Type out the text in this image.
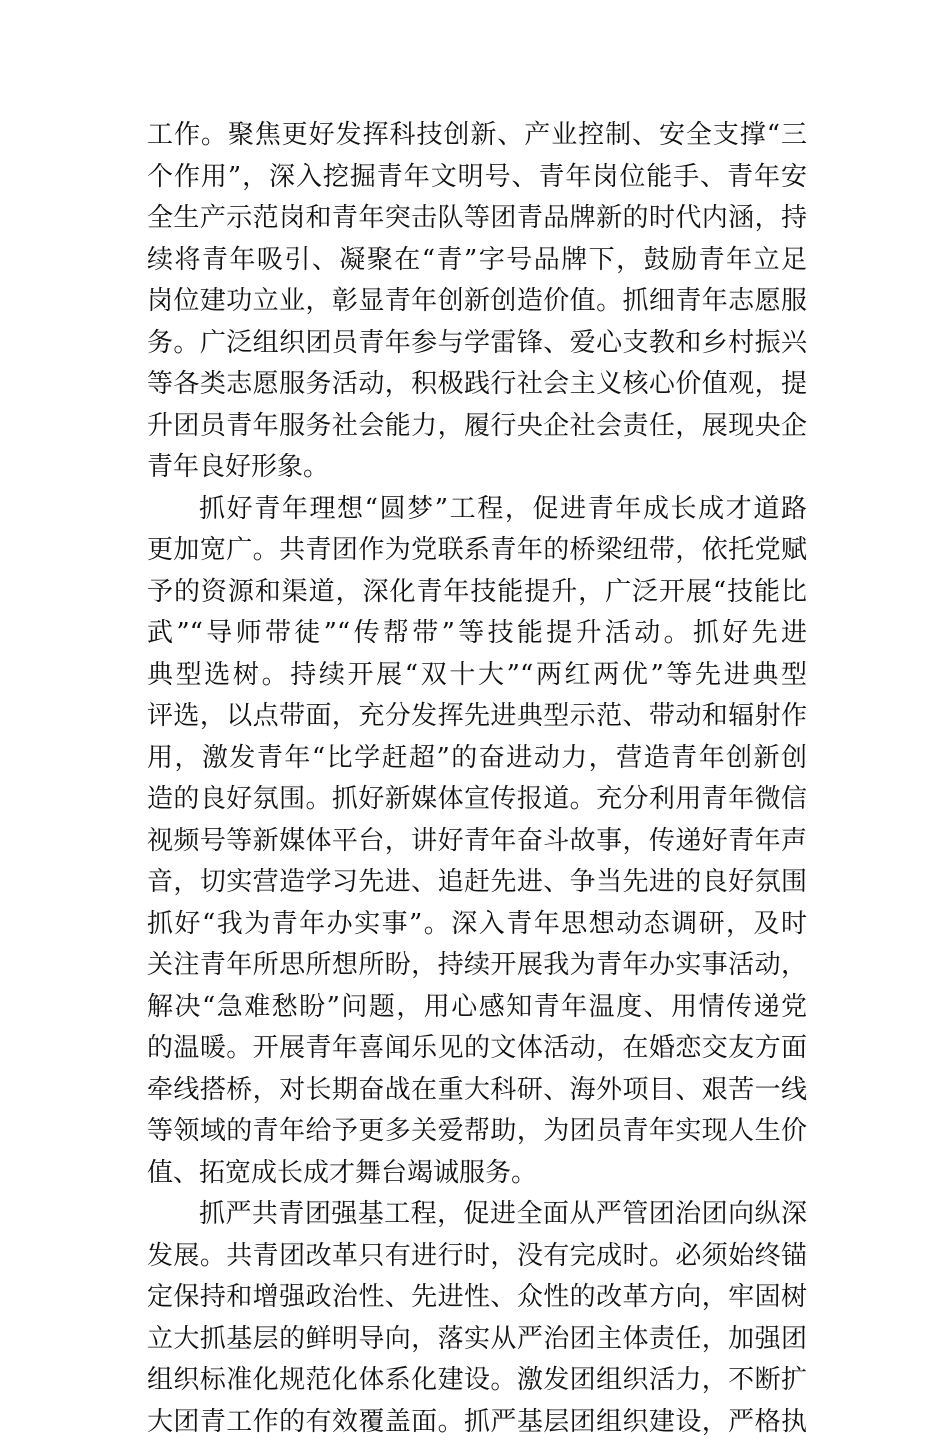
工作。聚焦更好发挥科技创新、产业控制、安全支撑“三
个作用”，深入挖掘青年文明号、青年岗位能手、青年安
全生产示范岗和青年突击队等团青品牌新的时代内涵，持
续将青年吸引、凝聚在“青”字号品牌下，鼓励青年立足
岗位建功立业，彰显青年创新创造价值。抓细青年志愿服
务。广泛组织团员青年参与学雷锋、爱心支教和乡村振兴
等各类志愿服务活动，积极践行社会主义核心价值观，提
升团员青年服务社会能力，履行央企社会责任，展现央企
青年良好形象。
抓好青年理想“圆梦”工程，促进青年成长成才道路
更加宽广。共青团作为党联系青年的桥梁纽带，依托党赋
予的资源和渠道，深化青年技能提升，广泛开展“技能比
武”“导师带徒”“传帮带”等技能提升活动。抓好先进
典型选树。持续开展“双十大”“两红两优”等先进典型
评选，以点带面，充分发挥先进典型示范、带动和辐射作
用，激发青年“比学赶超”的奋进动力，营造青年创新创
造的良好氛围。抓好新媒体宣传报道。充分利用青年微信
视频号等新媒体平台，讲好青年奋斗故事，传递好青年声
音，切实营造学习先进、追赶先进、争当先进的良好氛围
抓好“我为青年办实事”。深入青年思想动态调研，及时
关注青年所思所想所盼，持续开展我为青年办实事活动，
解决“急难愁盼”问题，用心感知青年温度、用情传递党
的温暖。开展青年喜闻乐见的文体活动，在婚恋交友方面
牵线搭桥，对长期奋战在重大科研、海外项目、艰苦一线
等领域的青年给予更多关爱帮助，为团员青年实现人生价
值、拓宽成长成才舞台竭诚服务。
抓严共青团强基工程，促进全面从严管团治团向纵深
发展。共青团改革只有进行时，没有完成时。必须始终锚
定保持和增强政治性、先进性、众性的改革方向，牢固树
立大抓基层的鲜明导向，落实从严治团主体责任，加强团
组织标准化规范化体系化建设。激发团组织活力，不断扩
大团青工作的有效覆盖面。抓严基层团组织建设，严格执
